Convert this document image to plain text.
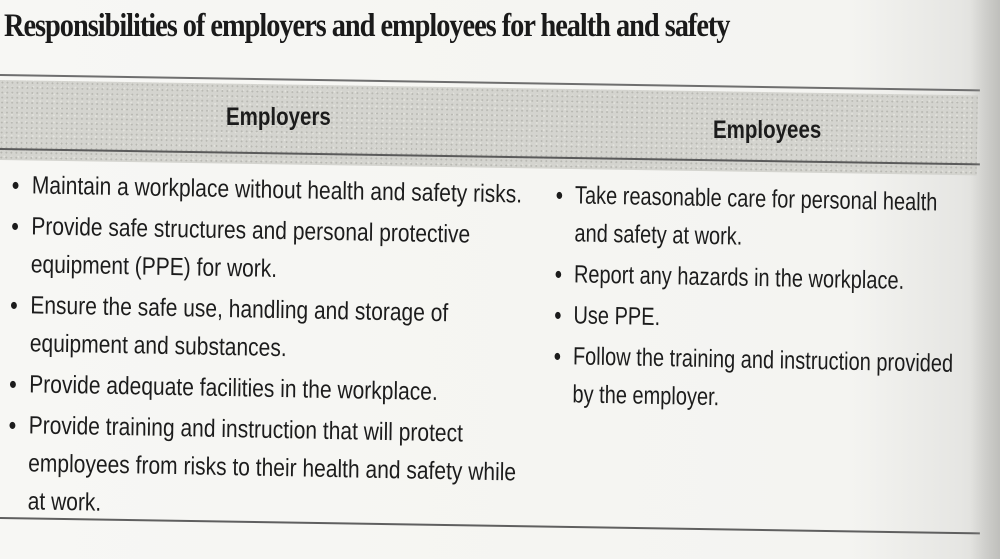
Responsibilities of employers and employees for health and safety
Employers	Employees
• Maintain a workplace without health and safety risks.
• Provide safe structures and personal protective equipment (PPE) for work.
• Ensure the safe use, handling and storage of equipment and substances.
• Provide adequate facilities in the workplace.
• Provide training and instruction that will protect employees from risks to their health and safety while at work.
• Take reasonable care for personal health and safety at work.
• Report any hazards in the workplace.
• Use PPE.
• Follow the training and instruction provided by the employer.
